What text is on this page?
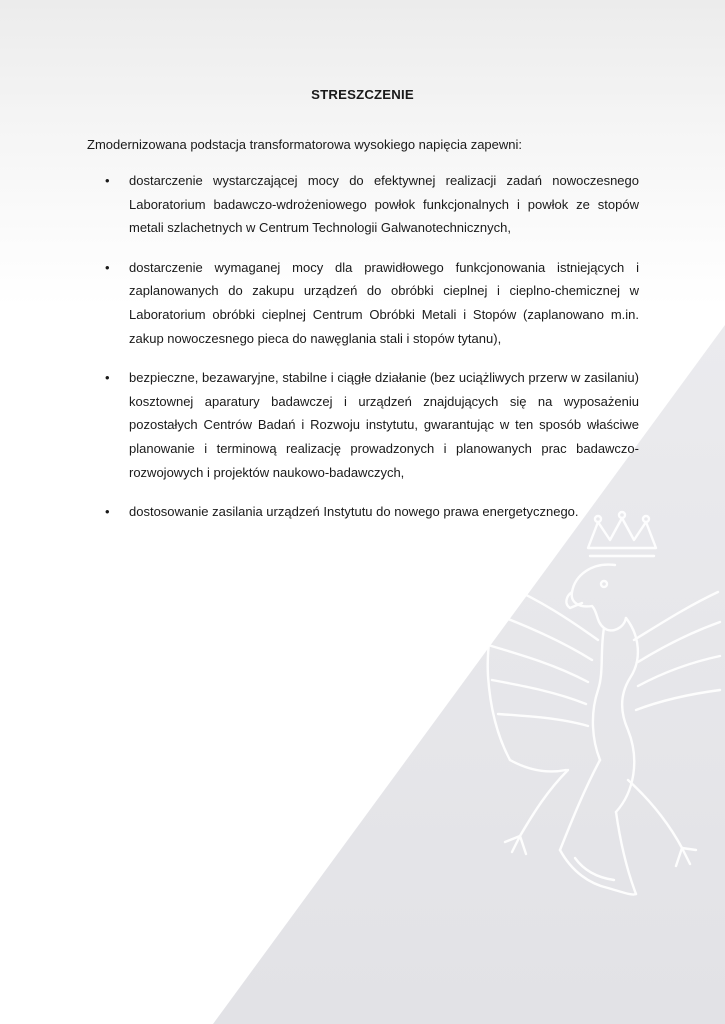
STRESZCZENIE

Zmodernizowana podstacja transformatorowa wysokiego napięcia zapewni:

• dostarczenie wystarczającej mocy do efektywnej realizacji zadań nowoczesnego Laboratorium badawczo-wdrożeniowego powłok funkcjonalnych i powłok ze stopów metali szlachetnych w Centrum Technologii Galwanotechnicznych,
• dostarczenie wymaganej mocy dla prawidłowego funkcjonowania istniejących i zaplanowanych do zakupu urządzeń do obróbki cieplnej i cieplno-chemicznej w Laboratorium obróbki cieplnej Centrum Obróbki Metali i Stopów (zaplanowano m.in. zakup nowoczesnego pieca do nawęglania stali i stopów tytanu),
• bezpieczne, bezawaryjne, stabilne i ciągłe działanie (bez uciążliwych przerw w zasilaniu) kosztownej aparatury badawczej i urządzeń znajdujących się na wyposażeniu pozostałych Centrów Badań i Rozwoju instytutu, gwarantując w ten sposób właściwe planowanie i terminową realizację prowadzonych i planowanych prac badawczo-rozwojowych i projektów naukowo-badawczych,
• dostosowanie zasilania urządzeń Instytutu do nowego prawa energetycznego.
